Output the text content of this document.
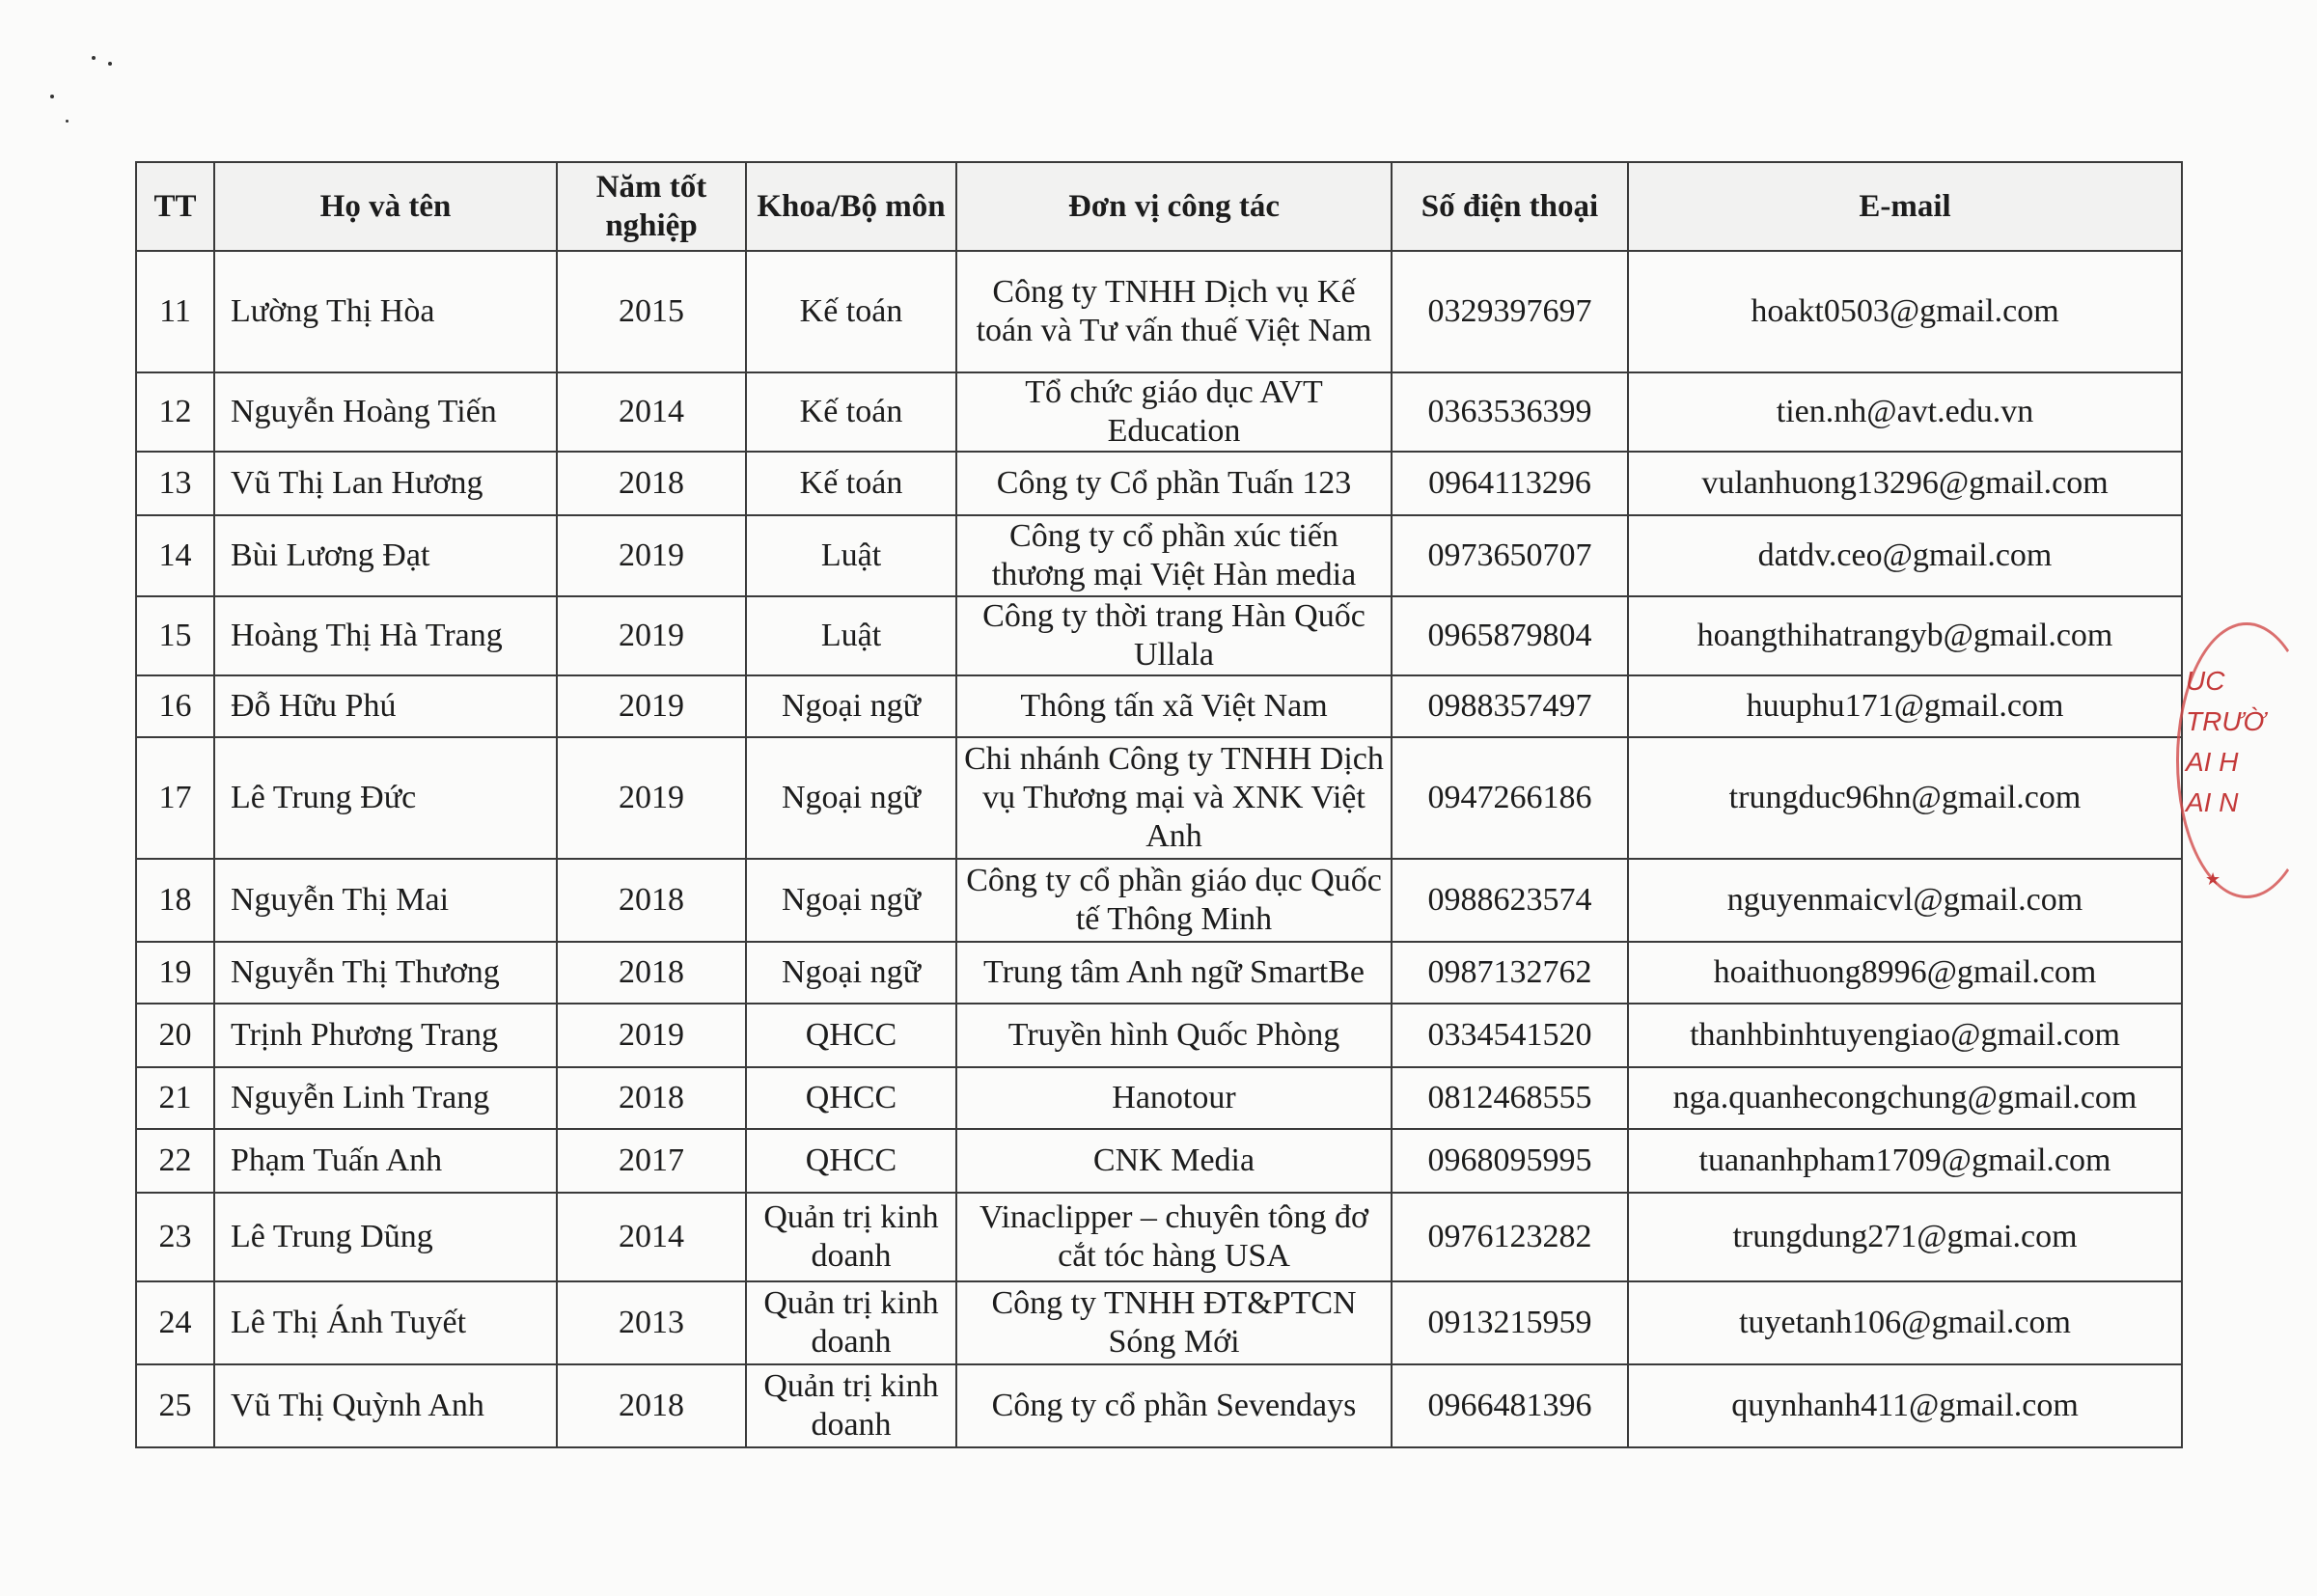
TT	Họ và tên	Năm tốt nghiệp	Khoa/Bộ môn	Đơn vị công tác	Số điện thoại	E-mail
11	Lường Thị Hòa	2015	Kế toán	Công ty TNHH Dịch vụ Kế toán và Tư vấn thuế Việt Nam	0329397697	hoakt0503@gmail.com
12	Nguyễn Hoàng Tiến	2014	Kế toán	Tổ chức giáo dục AVT Education	0363536399	tien.nh@avt.edu.vn
13	Vũ Thị Lan Hương	2018	Kế toán	Công ty Cổ phần Tuấn 123	0964113296	vulanhuong13296@gmail.com
14	Bùi Lương Đạt	2019	Luật	Công ty cổ phần xúc tiến thương mại Việt Hàn media	0973650707	datdv.ceo@gmail.com
15	Hoàng Thị Hà Trang	2019	Luật	Công ty thời trang Hàn Quốc Ullala	0965879804	hoangthihatrangyb@gmail.com
16	Đỗ Hữu Phú	2019	Ngoại ngữ	Thông tấn xã Việt Nam	0988357497	huuphu171@gmail.com
17	Lê Trung Đức	2019	Ngoại ngữ	Chi nhánh Công ty TNHH Dịch vụ Thương mại và XNK Việt Anh	0947266186	trungduc96hn@gmail.com
18	Nguyễn Thị Mai	2018	Ngoại ngữ	Công ty cổ phần giáo dục Quốc tế Thông Minh	0988623574	nguyenmaicvl@gmail.com
19	Nguyễn Thị Thương	2018	Ngoại ngữ	Trung tâm Anh ngữ SmartBe	0987132762	hoaithuong8996@gmail.com
20	Trịnh Phương Trang	2019	QHCC	Truyền hình Quốc Phòng	0334541520	thanhbinhtuyengiao@gmail.com
21	Nguyễn Linh Trang	2018	QHCC	Hanotour	0812468555	nga.quanhecongchung@gmail.com
22	Phạm Tuấn Anh	2017	QHCC	CNK Media	0968095995	tuananhpham1709@gmail.com
23	Lê Trung Dũng	2014	Quản trị kinh doanh	Vinaclipper – chuyên tông đơ cắt tóc hàng USA	0976123282	trungdung271@gmai.com
24	Lê Thị Ánh Tuyết	2013	Quản trị kinh doanh	Công ty TNHH ĐT&PTCN Sóng Mới	0913215959	tuyetanh106@gmail.com
25	Vũ Thị Quỳnh Anh	2018	Quản trị kinh doanh	Công ty cổ phần Sevendays	0966481396	quynhanh411@gmail.com
UC
TRƯỜ
AI H
AI N
★
